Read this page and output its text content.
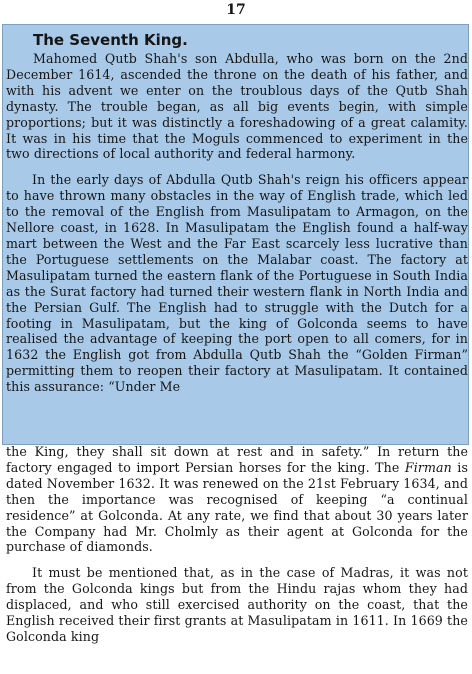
17
The Seventh King.

Mahomed Qutb Shah's son Abdulla, who was born on the 2nd December 1614, ascended the throne on the death of his father, and with his advent we enter on the troublous days of the Qutb Shah dynasty. The trouble began, as all big events begin, with simple proportions; but it was distinctly a foreshadowing of a great calamity. It was in his time that the Moguls commenced to experiment in the two directions of local authority and federal harmony.

In the early days of Abdulla Qutb Shah's reign his officers appear to have thrown many obstacles in the way of English trade, which led to the removal of the English from Masulipatam to Armagon, on the Nellore coast, in 1628. In Masulipatam the English found a half-way mart between the West and the Far East scarcely less lucrative than the Portuguese settlements on the Malabar coast. The factory at Masulipatam turned the eastern flank of the Portuguese in South India as the Surat factory had turned their western flank in North India and the Persian Gulf. The English had to struggle with the Dutch for a footing in Masulipatam, but the king of Golconda seems to have realised the advantage of keeping the port open to all comers, for in 1632 the English got from Abdulla Qutb Shah the “Golden Firman” permitting them to reopen their factory at Masulipatam. It contained this assurance: “Under Me

the King, they shall sit down at rest and in safety.” In return the factory engaged to import Persian horses for the king. The Firman is dated November 1632. It was renewed on the 21st February 1634, and then the importance was recognised of keeping “a continual residence” at Golconda. At any rate, we find that about 30 years later the Company had Mr. Cholmly as their agent at Golconda for the purchase of diamonds.

It must be mentioned that, as in the case of Madras, it was not from the Golconda kings but from the Hindu rajas whom they had displaced, and who still exercised authority on the coast, that the English received their first grants at Masulipatam in 1611. In 1669 the Golconda king
